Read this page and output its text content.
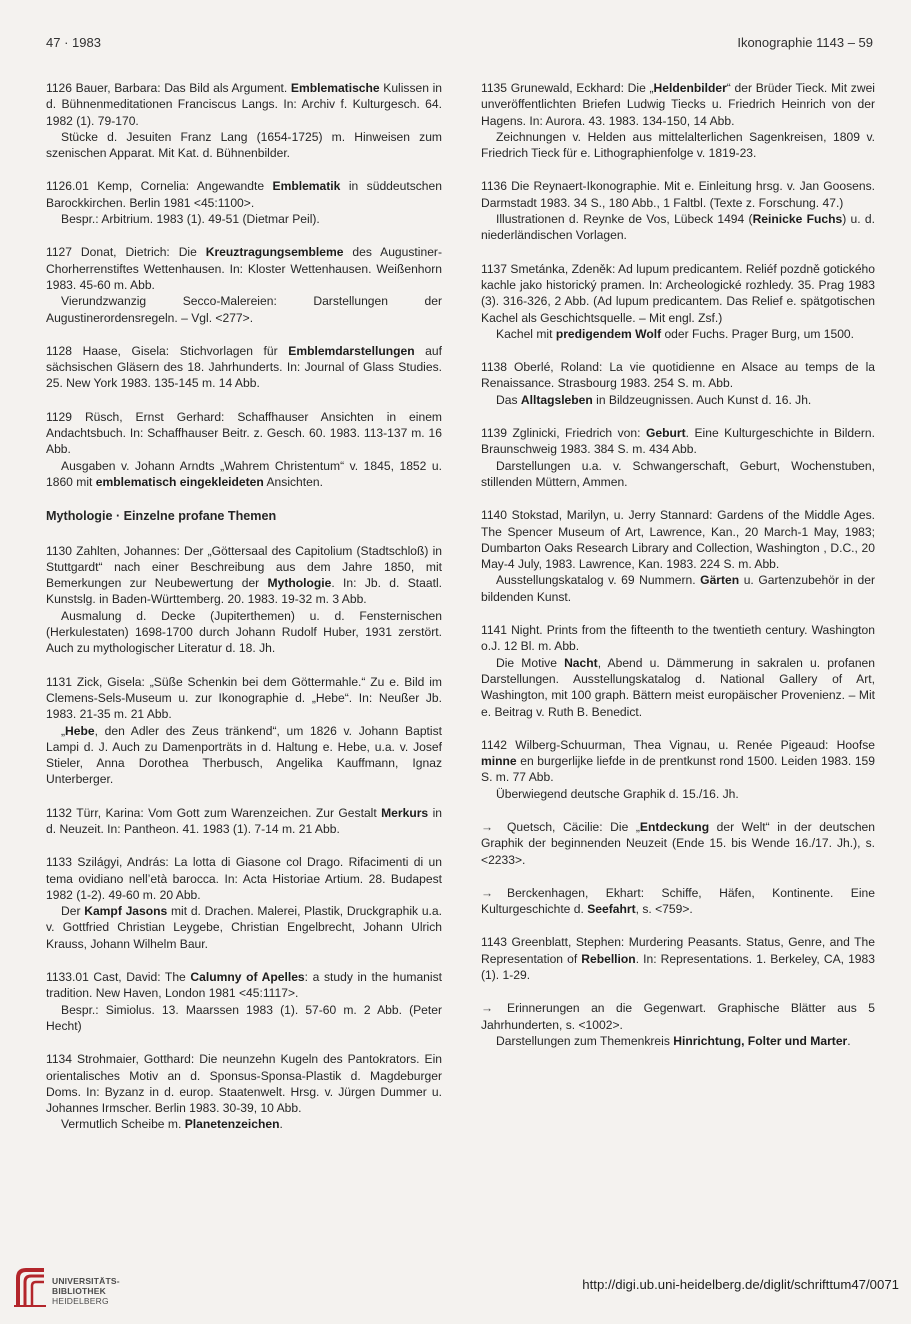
47 · 1983	Ikonographie 1143 – 59

1126 Bauer, Barbara: Das Bild als Argument. Emblematische Kulissen in d. Bühnenmeditationen Franciscus Langs. In: Archiv f. Kulturgesch. 64. 1982 (1). 79-170.

Stücke d. Jesuiten Franz Lang (1654-1725) m. Hinweisen zum szenischen Apparat. Mit Kat. d. Bühnenbilder.

1126.01 Kemp, Cornelia: Angewandte Emblematik in süddeutschen Barockkirchen. Berlin 1981 <45:1100>.

Bespr.: Arbitrium. 1983 (1). 49-51 (Dietmar Peil).

1127 Donat, Dietrich: Die Kreuztragungsembleme des Augustiner-Chorherrenstiftes Wettenhausen. In: Kloster Wettenhausen. Weißenhorn 1983. 45-60 m. Abb.

Vierundzwanzig Secco-Malereien: Darstellungen der Augustinerordensregeln. – Vgl. <277>.

1128 Haase, Gisela: Stichvorlagen für Emblemdarstellungen auf sächsischen Gläsern des 18. Jahrhunderts. In: Journal of Glass Studies. 25. New York 1983. 135-145 m. 14 Abb.

1129 Rüsch, Ernst Gerhard: Schaffhauser Ansichten in einem Andachtsbuch. In: Schaffhauser Beitr. z. Gesch. 60. 1983. 113-137 m. 16 Abb.

Ausgaben v. Johann Arndts „Wahrem Christentum“ v. 1845, 1852 u. 1860 mit emblematisch eingekleideten Ansichten.

Mythologie · Einzelne profane Themen

1130 Zahlten, Johannes: Der „Göttersaal des Capitolium (Stadtschloß) in Stuttgardt“ nach einer Beschreibung aus dem Jahre 1850, mit Bemerkungen zur Neubewertung der Mythologie. In: Jb. d. Staatl. Kunstslg. in Baden-Württemberg. 20. 1983. 19-32 m. 3 Abb.

Ausmalung d. Decke (Jupiterthemen) u. d. Fensternischen (Herkulestaten) 1698-1700 durch Johann Rudolf Huber, 1931 zerstört. Auch zu mythologischer Literatur d. 18. Jh.

1131 Zick, Gisela: „Süße Schenkin bei dem Göttermahle.“ Zu e. Bild im Clemens-Sels-Museum u. zur Ikonographie d. „Hebe“. In: Neußer Jb. 1983. 21-35 m. 21 Abb.

„Hebe, den Adler des Zeus tränkend“, um 1826 v. Johann Baptist Lampi d. J. Auch zu Damenporträts in d. Haltung e. Hebe, u.a. v. Josef Stieler, Anna Dorothea Therbusch, Angelika Kauffmann, Ignaz Unterberger.

1132 Türr, Karina: Vom Gott zum Warenzeichen. Zur Gestalt Merkurs in d. Neuzeit. In: Pantheon. 41. 1983 (1). 7-14 m. 21 Abb.

1133 Szilágyi, András: La lotta di Giasone col Drago. Rifacimenti di un tema ovidiano nell’età barocca. In: Acta Historiae Artium. 28. Budapest 1982 (1-2). 49-60 m. 20 Abb.

Der Kampf Jasons mit d. Drachen. Malerei, Plastik, Druckgraphik u.a. v. Gottfried Christian Leygebe, Christian Engelbrecht, Johann Ulrich Krauss, Johann Wilhelm Baur.

1133.01 Cast, David: The Calumny of Apelles: a study in the humanist tradition. New Haven, London 1981 <45:1117>.

Bespr.: Simiolus. 13. Maarssen 1983 (1). 57-60 m. 2 Abb. (Peter Hecht)

1134 Strohmaier, Gotthard: Die neunzehn Kugeln des Pantokrators. Ein orientalisches Motiv an d. Sponsus-Sponsa-Plastik d. Magdeburger Doms. In: Byzanz in d. europ. Staatenwelt. Hrsg. v. Jürgen Dummer u. Johannes Irmscher. Berlin 1983. 30-39, 10 Abb.

Vermutlich Scheibe m. Planetenzeichen.

1135 Grunewald, Eckhard: Die „Heldenbilder“ der Brüder Tieck. Mit zwei unveröffentlichten Briefen Ludwig Tiecks u. Friedrich Heinrich von der Hagens. In: Aurora. 43. 1983. 134-150, 14 Abb.

Zeichnungen v. Helden aus mittelalterlichen Sagenkreisen, 1809 v. Friedrich Tieck für e. Lithographienfolge v. 1819-23.

1136 Die Reynaert-Ikonographie. Mit e. Einleitung hrsg. v. Jan Goosens. Darmstadt 1983. 34 S., 180 Abb., 1 Faltbl. (Texte z. Forschung. 47.)

Illustrationen d. Reynke de Vos, Lübeck 1494 (Reinicke Fuchs) u. d. niederländischen Vorlagen.

1137 Smetánka, Zdeněk: Ad lupum predicantem. Reliéf pozdně gotického kachle jako historický pramen. In: Archeologické rozhledy. 35. Prag 1983 (3). 316-326, 2 Abb. (Ad lupum predicantem. Das Relief e. spätgotischen Kachel als Geschichtsquelle. – Mit engl. Zsf.)

Kachel mit predigendem Wolf oder Fuchs. Prager Burg, um 1500.

1138 Oberlé, Roland: La vie quotidienne en Alsace au temps de la Renaissance. Strasbourg 1983. 254 S. m. Abb.

Das Alltagsleben in Bildzeugnissen. Auch Kunst d. 16. Jh.

1139 Zglinicki, Friedrich von: Geburt. Eine Kulturgeschichte in Bildern. Braunschweig 1983. 384 S. m. 434 Abb.

Darstellungen u.a. v. Schwangerschaft, Geburt, Wochenstuben, stillenden Müttern, Ammen.

1140 Stokstad, Marilyn, u. Jerry Stannard: Gardens of the Middle Ages. The Spencer Museum of Art, Lawrence, Kan., 20 March-1 May, 1983; Dumbarton Oaks Research Library and Collection, Washington , D.C., 20 May-4 July, 1983. Lawrence, Kan. 1983. 224 S. m. Abb.

Ausstellungskatalog v. 69 Nummern. Gärten u. Gartenzubehör in der bildenden Kunst.

1141 Night. Prints from the fifteenth to the twentieth century. Washington o.J. 12 Bl. m. Abb.

Die Motive Nacht, Abend u. Dämmerung in sakralen u. profanen Darstellungen. Ausstellungskatalog d. National Gallery of Art, Washington, mit 100 graph. Bättern meist europäischer Provenienz. – Mit e. Beitrag v. Ruth B. Benedict.

1142 Wilberg-Schuurman, Thea Vignau, u. Renée Pigeaud: Hoofse minne en burgerlijke liefde in de prentkunst rond 1500. Leiden 1983. 159 S. m. 77 Abb.

Überwiegend deutsche Graphik d. 15./16. Jh.

→ Quetsch, Cäcilie: Die „Entdeckung der Welt“ in der deutschen Graphik der beginnenden Neuzeit (Ende 15. bis Wende 16./17. Jh.), s. <2233>.

→ Berckenhagen, Ekhart: Schiffe, Häfen, Kontinente. Eine Kulturgeschichte d. Seefahrt, s. <759>.

1143 Greenblatt, Stephen: Murdering Peasants. Status, Genre, and The Representation of Rebellion. In: Representations. 1. Berkeley, CA, 1983 (1). 1-29.

→ Erinnerungen an die Gegenwart. Graphische Blätter aus 5 Jahrhunderten, s. <1002>.

Darstellungen zum Themenkreis Hinrichtung, Folter und Marter.

UNIVERSITÄTS-
BIBLIOTHEK
HEIDELBERG
http://digi.ub.uni-heidelberg.de/diglit/schrifttum47/0071
